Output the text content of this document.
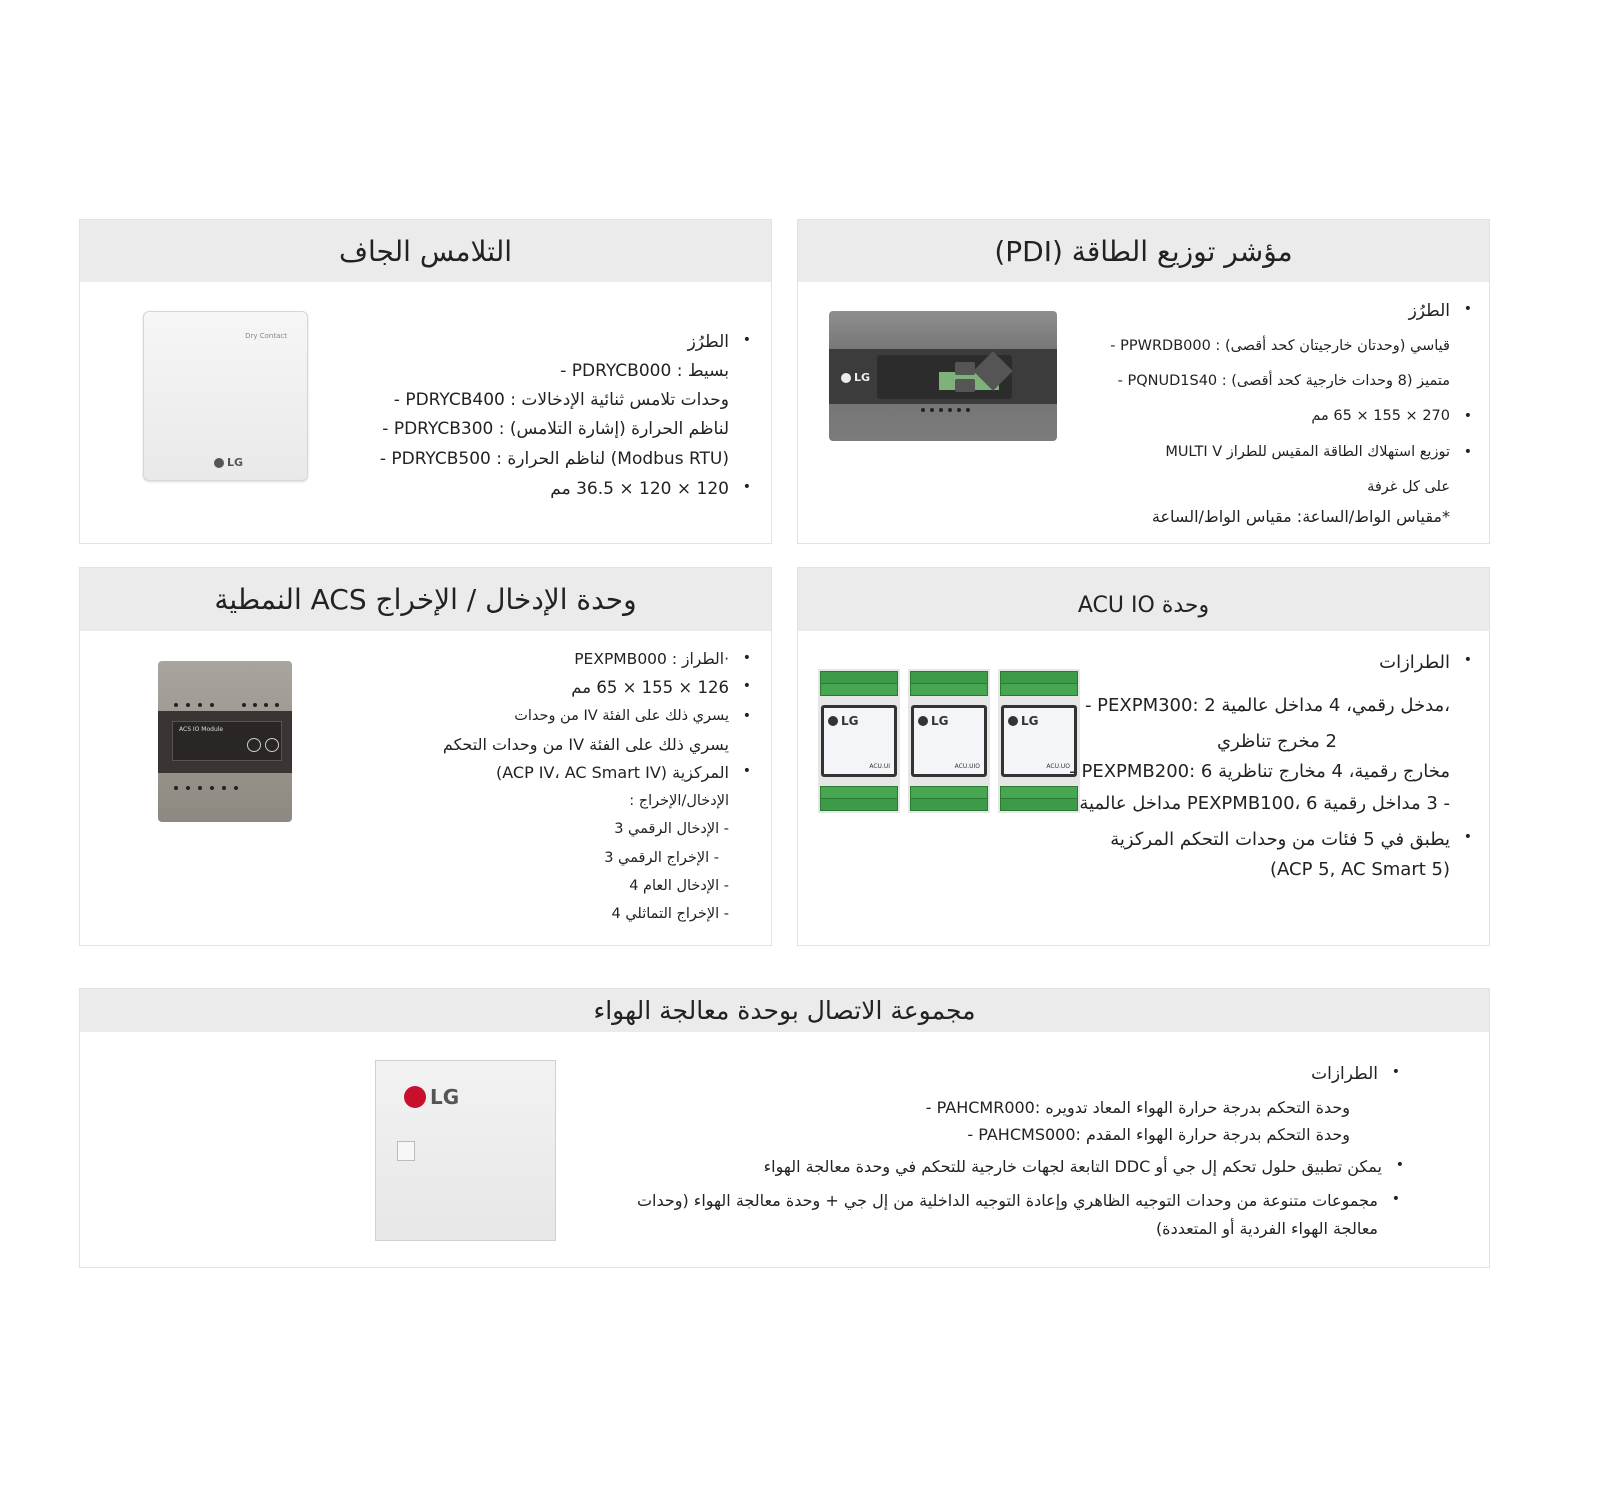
مؤشر توزيع الطاقة (PDI)
LG
• الطرُز
- PPWRDB000 : قياسي (وحدتان خارجيتان كحد أقصى)
- PQNUD1S40 : متميز (8 وحدات خارجية كحد أقصى)
• 270 × 155 × 65 مم
• توزيع استهلاك الطاقة المقيس للطراز MULTI V
على كل غرفة
*مقياس الواط/الساعة: مقياس الواط/الساعة
التلامس الجاف
Dry Contact
LG
• الطرُز
- PDRYCB000 : بسيط
- PDRYCB400 : وحدات تلامس ثنائية الإدخالات
- PDRYCB300 : لناظم الحرارة (إشارة التلامس)
- PDRYCB500 : لناظم الحرارة (Modbus RTU)
• 120 × 120 × 36.5 مم
وحدة الإدخال / الإخراج ACS النمطية
ACS IO Module
• ·الطراز : PEXPMB000
• 126 × 155 × 65 مم
• يسري ذلك على الفئة IV من وحدات
يسري ذلك على الفئة IV من وحدات التحكم
• المركزية (ACP IV، AC Smart IV)
الإدخال/الإخراج :
- الإدخال الرقمي 3
- الإخراج الرقمي 3
- الإدخال العام 4
- الإخراج التماثلي 4
وحدة ACU IO
LG
ACU.UI
LG
ACU.UIO
LG
ACU.UO
• الطرازات
- PEXPM300: 2 مدخل رقمي، 4 مداخل عالمية،
2 مخرج تناظري
- PEXPMB200: 6 مخارج رقمية، 4 مخارج تناظرية
- 3 مداخل رقمية PEXPMB100، 6 مداخل عالمية
• يطبق في 5 فئات من وحدات التحكم المركزية
(ACP 5, AC Smart 5)
مجموعة الاتصال بوحدة معالجة الهواء
LG
• الطرازات
- PAHCMR000: وحدة التحكم بدرجة حرارة الهواء المعاد تدويره
- PAHCMS000: وحدة التحكم بدرجة حرارة الهواء المقدم
• يمكن تطبيق حلول تحكم إل جي أو DDC التابعة لجهات خارجية للتحكم في وحدة معالجة الهواء
• مجموعات متنوعة من وحدات التوجيه الظاهري وإعادة التوجيه الداخلية من إل جي + وحدة معالجة الهواء (وحدات
معالجة الهواء الفردية أو المتعددة)
